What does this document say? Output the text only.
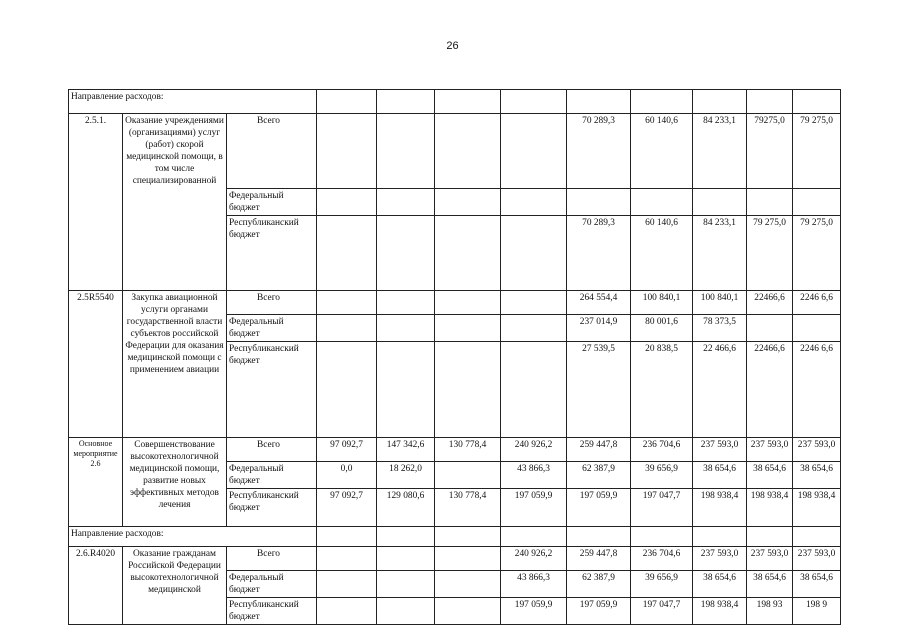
26
Направление расходов:												
2.5.1.	Оказание учреждениями (организациями) услуг (работ) скорой медицинской помощи, в том числе специализированной	Всего					70 289,3	60 140,6	84 233,1	79275,0	79 275,0	
		Федеральный бюджет										
		Республиканский бюджет					70 289,3	60 140,6	84 233,1	79 275,0	79 275,0	
2.5R5540	Закупка авиационной услуги органами государственной власти субъектов российской Федерации для оказания медицинской помощи с применением авиации	Всего					264 554,4	100 840,1	100 840,1	22466,6	2246 6,6	
		Федеральный бюджет					237 014,9	80 001,6	78 373,5			
		Республиканский бюджет					27 539,5	20 838,5	22 466,6	22466,6	2246 6,6	
Основное мероприятие 2.6	Совершенствование высокотехнологичной медицинской помощи, развитие новых эффективных методов лечения	Всего	97 092,7	147 342,6	130 778,4	240 926,2	259 447,8	236 704,6	237 593,0	237 593,0	237 593,0	
		Федеральный бюджет	0,0	18 262,0		43 866,3	62 387,9	39 656,9	38 654,6	38 654,6	38 654,6	
		Республиканский бюджет	97 092,7	129 080,6	130 778,4	197 059,9	197 059,9	197 047,7	198 938,4	198 938,4	198 938,4	
Направление расходов:												
2.6.R4020	Оказание гражданам Российской Федерации высокотехнологичной медицинской	Всего				240 926,2	259 447,8	236 704,6	237 593,0	237 593,0	237 593,0	
		Федеральный бюджет				43 866,3	62 387,9	39 656,9	38 654,6	38 654,6	38 654,6	
		Республиканский бюджет				197 059,9	197 059,9	197 047,7	198 938,4	198 93	198 9	
